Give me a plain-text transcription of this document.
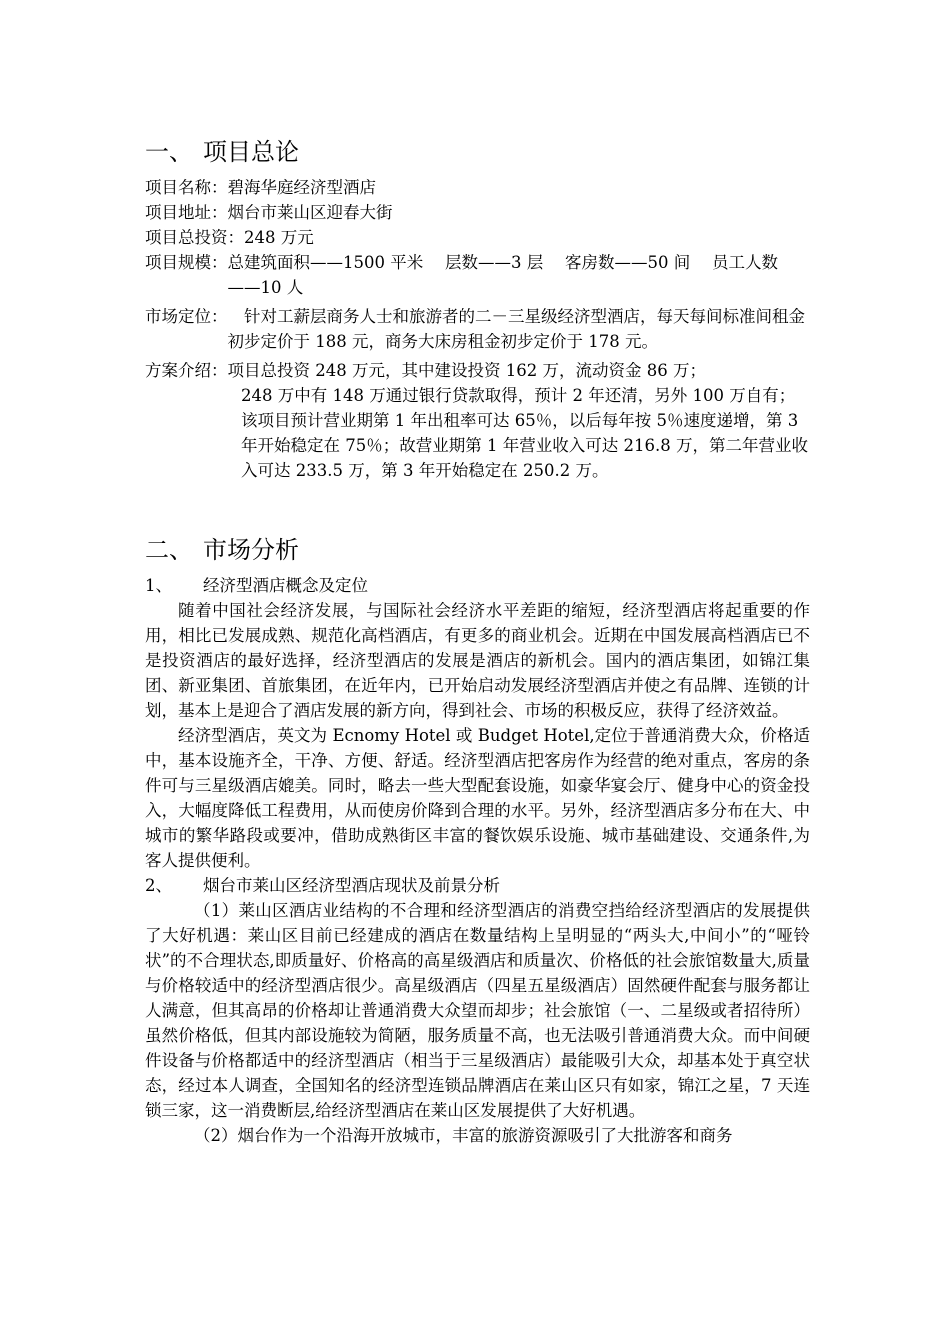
一、 项目总论
项目名称： 碧海华庭经济型酒店
项目地址： 烟台市莱山区迎春大街
项目总投资： 248 万元
项目规模： 总建筑面积——1500 平米　 层数——3 层　 客房数——50 间　 员工人数——10 人
市场定位： 　针对工薪层商务人士和旅游者的二－三星级经济型酒店，每天每间标准间租金初步定价于 188 元，商务大床房租金初步定价于 178 元。
方案介绍： 项目总投资 248 万元，其中建设投资 162 万，流动资金 86 万；
248 万中有 148 万通过银行贷款取得，预计 2 年还清，另外 100 万自有；该项目预计营业期第 1 年出租率可达 65％，以后每年按 5％速度递增，第 3 年开始稳定在 75％；故营业期第 1 年营业收入可达 216.8 万，第二年营业收入可达 233.5 万，第 3 年开始稳定在 250.2 万。
二、 市场分析
1、 经济型酒店概念及定位

随着中国社会经济发展，与国际社会经济水平差距的缩短，经济型酒店将起重要的作用，相比已发展成熟、规范化高档酒店，有更多的商业机会。近期在中国发展高档酒店已不是投资酒店的最好选择，经济型酒店的发展是酒店的新机会。国内的酒店集团，如锦江集团、新亚集团、首旅集团，在近年内，已开始启动发展经济型酒店并使之有品牌、连锁的计划，基本上是迎合了酒店发展的新方向，得到社会、市场的积极反应，获得了经济效益。

经济型酒店，英文为 Ecnomy Hotel 或 Budget Hotel,定位于普通消费大众，价格适中，基本设施齐全，干净、方便、舒适。经济型酒店把客房作为经营的绝对重点，客房的条件可与三星级酒店媲美。同时，略去一些大型配套设施，如豪华宴会厅、健身中心的资金投入，大幅度降低工程费用，从而使房价降到合理的水平。另外，经济型酒店多分布在大、中城市的繁华路段或要冲，借助成熟街区丰富的餐饮娱乐设施、城市基础建设、交通条件,为客人提供便利。

2、 烟台市莱山区经济型酒店现状及前景分析

（1）莱山区酒店业结构的不合理和经济型酒店的消费空挡给经济型酒店的发展提供了大好机遇：莱山区目前已经建成的酒店在数量结构上呈明显的“两头大,中间小”的“哑铃状”的不合理状态,即质量好、价格高的高星级酒店和质量次、价格低的社会旅馆数量大,质量与价格较适中的经济型酒店很少。高星级酒店（四星五星级酒店）固然硬件配套与服务都让人满意，但其高昂的价格却让普通消费大众望而却步；社会旅馆（一、二星级或者招待所）虽然价格低，但其内部设施较为简陋，服务质量不高，也无法吸引普通消费大众。而中间硬件设备与价格都适中的经济型酒店（相当于三星级酒店）最能吸引大众，却基本处于真空状态，经过本人调查，全国知名的经济型连锁品牌酒店在莱山区只有如家，锦江之星，7 天连锁三家，这一消费断层,给经济型酒店在莱山区发展提供了大好机遇。

（2）烟台作为一个沿海开放城市，丰富的旅游资源吸引了大批游客和商务
